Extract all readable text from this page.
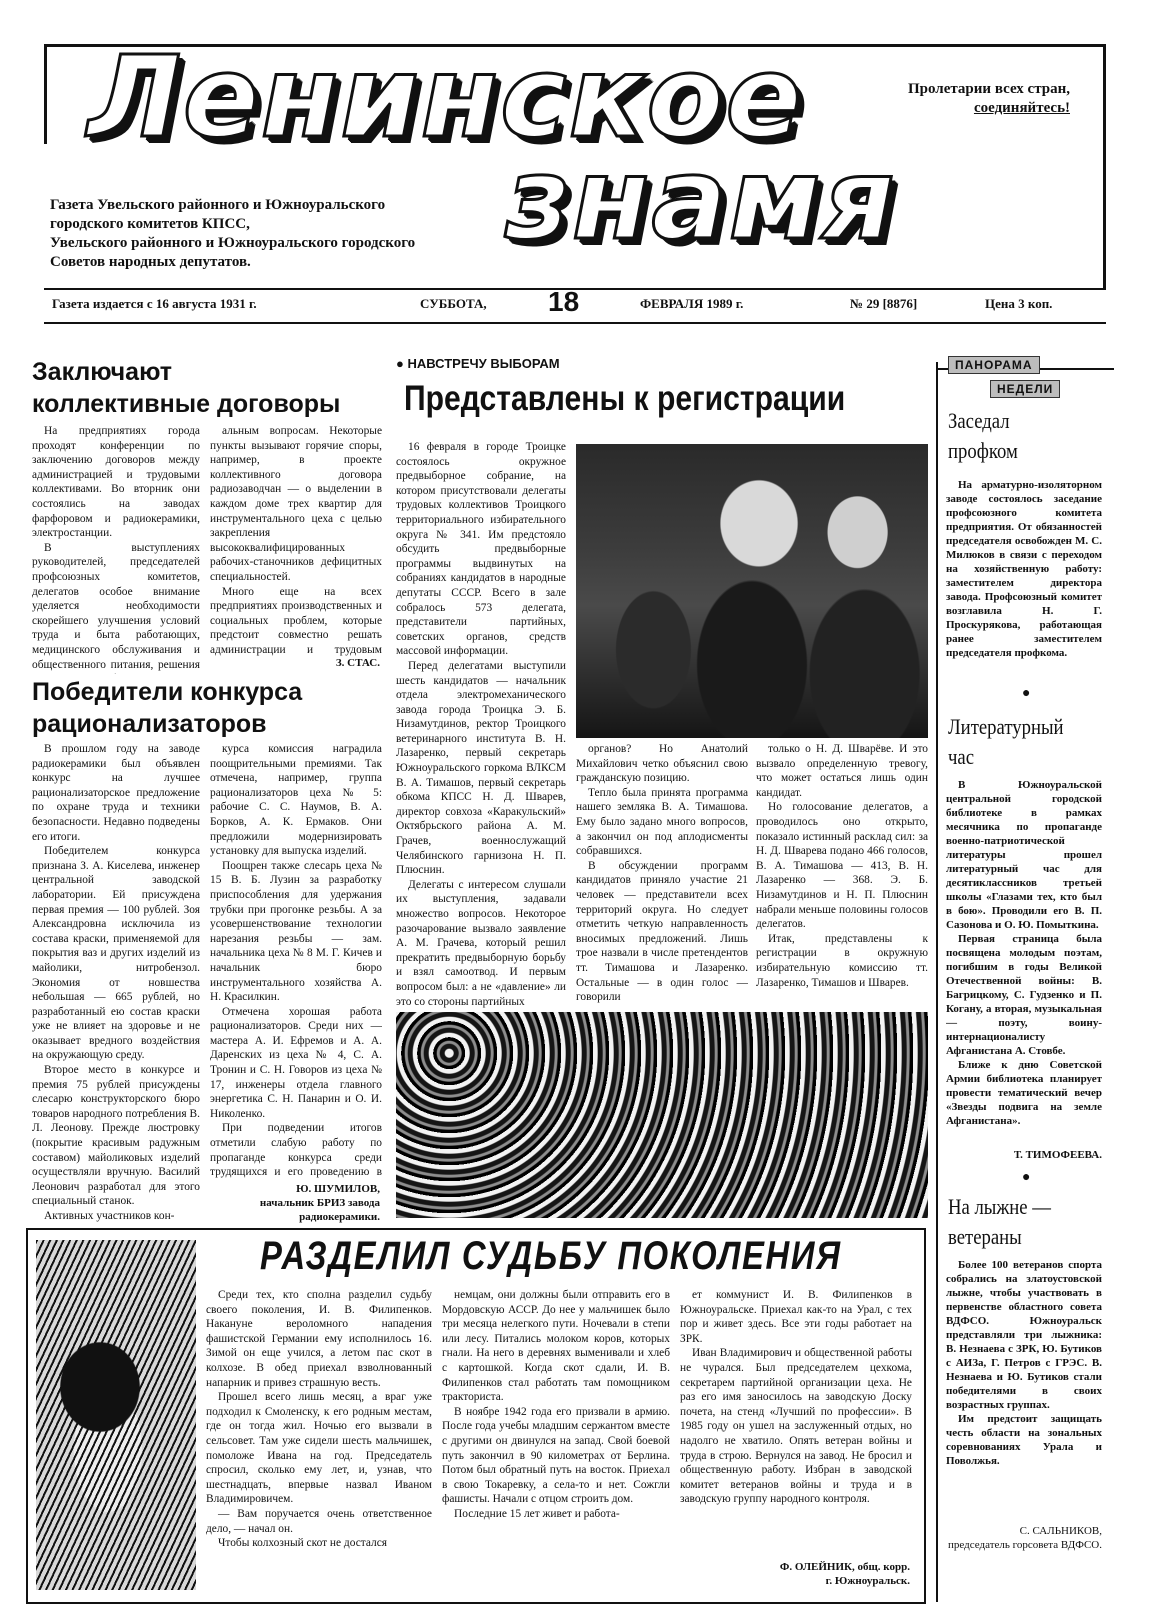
Ленинское
знамя
Пролетарии всех стран,
соединяйтесь!
Газета Увельского районного и Южноуральского
городского комитетов КПСС,
Увельского районного и Южноуральского городского
Советов народных депутатов.
Газета издается с 16 августа 1931 г.	СУББОТА, 18	ФЕВРАЛЯ 1989 г.	№ 29 [8876]	Цена 3 коп.
Заключают
коллективные договоры

На предприятиях города проходят конференции по заключению договоров между администрацией и трудовыми коллективами. Во вторник они состоялись на заводах фарфоровом и радиокерамики, электростанции.

В выступлениях руководителей, председателей профсоюзных комитетов, делегатов особое внимание уделяется необходимости скорейшего улучшения условий труда и быта работающих, медицинского обслуживания и общественного питания, решения

альным вопросам. Некоторые пункты вызывают горячие споры, например, в проекте коллективного договора радиозаводчан — о выделении в каждом доме трех квартир для инструментального цеха с целью закрепления высококвалифицированных рабочих-станочников дефицитных специальностей.

Много еще на всех предприятиях производственных и социальных проблем, которые предстоит совместно решать администрации и трудовым

З. СТАС.
Победители конкурса
рационализаторов

В прошлом году на заводе радиокерамики был объявлен конкурс на лучшее рационализаторское предложение по охране труда и техники безопасности. Недавно подведены его итоги.

Победителем конкурса признана З. А. Киселева, инженер центральной заводской лаборатории. Ей присуждена первая премия — 100 рублей. Зоя Александровна исключила из состава краски, применяемой для покрытия ваз и других изделий из майолики, нитробензол. Экономия от новшества небольшая — 665 рублей, но разработанный ею состав краски уже не влияет на здоровье и не оказывает вредного воздействия на окружающую среду.

Второе место в конкурсе и премия 75 рублей присуждены слесарю конструкторского бюро товаров народного потребления В. Л. Леонову. Прежде люстровку (покрытие красивым радужным составом) майоликовых изделий осуществляли вручную. Василий Леонович разработал для этого специальный станок.

Активных участников кон-

курса комиссия наградила поощрительными премиями. Так отмечена, например, группа рационализаторов цеха № 5: рабочие С. С. Наумов, В. А. Борков, А. К. Ермаков. Они предложили модернизировать установку для выпуска изделий.

Поощрен также слесарь цеха № 15 В. Б. Лузин за разработку приспособления для удержания трубки при прогонке резьбы. А за усовершенствование технологии нарезания резьбы — зам. начальника цеха № 8 М. Г. Кичев и начальник бюро инструментального хозяйства А. Н. Красилкин.

Отмечена хорошая работа рационализаторов. Среди них — мастера А. И. Ефремов и А. А. Даренских из цеха № 4, С. А. Тронин и С. Н. Говоров из цеха № 17, инженеры отдела главного энергетика С. Н. Панарин и О. И. Николенко.

При подведении итогов отметили слабую работу по пропаганде конкурса среди трудящихся и его проведению в

Ю. ШУМИЛОВ,
начальник БРИЗ завода радиокерамики.
● НАВСТРЕЧУ ВЫБОРАМ
Представлены к регистрации

16 февраля в городе Троицке состоялось окружное предвыборное собрание, на котором присутствовали делегаты трудовых коллективов Троицкого территориального избирательного округа № 341. Им предстояло обсудить предвыборные программы выдвинутых на собраниях кандидатов в народные депутаты СССР. Всего в зале собралось 573 делегата, представители партийных, советских органов, средств массовой информации.

Перед делегатами выступили шесть кандидатов — начальник отдела электромеханического завода города Троицка Э. Б. Низамутдинов, ректор Троицкого ветеринарного института В. Н. Лазаренко, первый секретарь Южноуральского горкома ВЛКСМ В. А. Тимашов, первый секретарь обкома КПСС Н. Д. Шварев, директор совхоза «Каракульский» Октябрьского района А. М. Грачев, военнослужащий Челябинского гарнизона Н. П. Плюснин.

Делегаты с интересом слушали их выступления, задавали множество вопросов. Некоторое разочарование вызвало заявление А. М. Грачева, который решил прекратить предвыборную борьбу и взял самоотвод. И первым вопросом был: а не «давление» ли это со стороны партийных

органов? Но Анатолий Михайлович четко объяснил свою гражданскую позицию.

Тепло была принята программа нашего земляка В. А. Тимашова. Ему было задано много вопросов, а закончил он под аплодисменты собравшихся.

В обсуждении программ кандидатов приняло участие 21 человек — представители всех территорий округа. Но следует отметить четкую направленность вносимых предложений. Лишь трое назвали в числе претендентов тт. Тимашова и Лазаренко. Остальные — в один голос — говорили

только о Н. Д. Шварёве. И это вызвало определенную тревогу, что может остаться лишь один кандидат.

Но голосование делегатов, а проводилось оно открыто, показало истинный расклад сил: за Н. Д. Шварева подано 466 голосов, В. А. Тимашова — 413, В. Н. Лазаренко — 368. Э. Б. Низамутдинов и Н. П. Плюснин набрали меньше половины голосов делегатов.

Итак, представлены к регистрации в окружную избирательную комиссию тт. Лазаренко, Тимашов и Шварев.

РАЗДЕЛИЛ СУДЬБУ ПОКОЛЕНИЯ

Среди тех, кто сполна разделил судьбу своего поколения, И. В. Филипенков. Накануне вероломного нападения фашистской Германии ему исполнилось 16. Зимой он еще учился, а летом пас скот в колхозе. В обед приехал взволнованный напарник и привез страшную весть.

Прошел всего лишь месяц, а враг уже подходил к Смоленску, к его родным местам, где он тогда жил. Ночью его вызвали в сельсовет. Там уже сидели шесть мальчишек, помоложе Ивана на год. Председатель спросил, сколько ему лет, и, узнав, что шестнадцать, впервые назвал Иваном Владимировичем.

— Вам поручается очень ответственное дело, — начал он.

Чтобы колхозный скот не достался

немцам, они должны были отправить его в Мордовскую АССР. До нее у мальчишек было три месяца нелегкого пути. Ночевали в степи или лесу. Питались молоком коров, которых гнали. На него в деревнях выменивали и хлеб с картошкой. Когда скот сдали, И. В. Филипенков стал работать там помощником тракториста.

В ноябре 1942 года его призвали в армию. После года учебы младшим сержантом вместе с другими он двинулся на запад. Свой боевой путь закончил в 90 километрах от Берлина. Потом был обратный путь на восток. Приехал в свою Токаревку, а села-то и нет. Сожгли фашисты. Начали с отцом строить дом.

Последние 15 лет живет и работа-

ет коммунист И. В. Филипенков в Южноуральске. Приехал как-то на Урал, с тех пор и живет здесь. Все эти годы работает на ЗРК.

Иван Владимирович и общественной работы не чурался. Был председателем цехкома, секретарем партийной организации цеха. Не раз его имя заносилось на заводскую Доску почета, на стенд «Лучший по профессии». В 1985 году он ушел на заслуженный отдых, но надолго не хватило. Опять ветеран войны и труда в строю. Вернулся на завод. Не бросил и общественную работу. Избран в заводской комитет ветеранов войны и труда и в заводскую группу народного контроля.

Ф. ОЛЕЙНИК, общ. корр.
г. Южноуральск.
ПАНОРАМА
НЕДЕЛИ
Заседал
профком

На арматурно-изоляторном заводе состоялось заседание профсоюзного комитета предприятия. От обязанностей председателя освобожден М. С. Милюков в связи с переходом на хозяйственную работу: заместителем директора завода. Профсоюзный комитет возглавила Н. Г. Проскурякова, работающая ранее заместителем председателя профкома.

●
Литературный
час

В Южноуральской центральной городской библиотеке в рамках месячника по пропаганде военно-патриотической литературы прошел литературный час для десятиклассников третьей школы «Глазами тех, кто был в бою». Проводили его В. П. Сазонова и О. Ю. Помыткина.

Первая страница была посвящена молодым поэтам, погибшим в годы Великой Отечественной войны: В. Багрицкому, С. Гудзенко и П. Когану, а вторая, музыкальная — поэту, воину-интернационалисту Афганистана А. Стовбе.

Ближе к дню Советской Армии библиотека планирует провести тематический вечер «Звезды подвига на земле Афганистана».

Т. ТИМОФЕЕВА.
●
На лыжне —
ветераны

Более 100 ветеранов спорта собрались на златоустовской лыжне, чтобы участвовать в первенстве областного совета ВДФСО. Южноуральск представляли три лыжника: В. Незнаева с ЗРК, Ю. Бутиков с АИЗа, Г. Петров с ГРЭС. В. Незнаева и Ю. Бутиков стали победителями в своих возрастных группах.

Им предстоит защищать честь области на зональных соревнованиях Урала и Поволжья.

С. САЛЬНИКОВ,
председатель горсовета ВДФСО.
